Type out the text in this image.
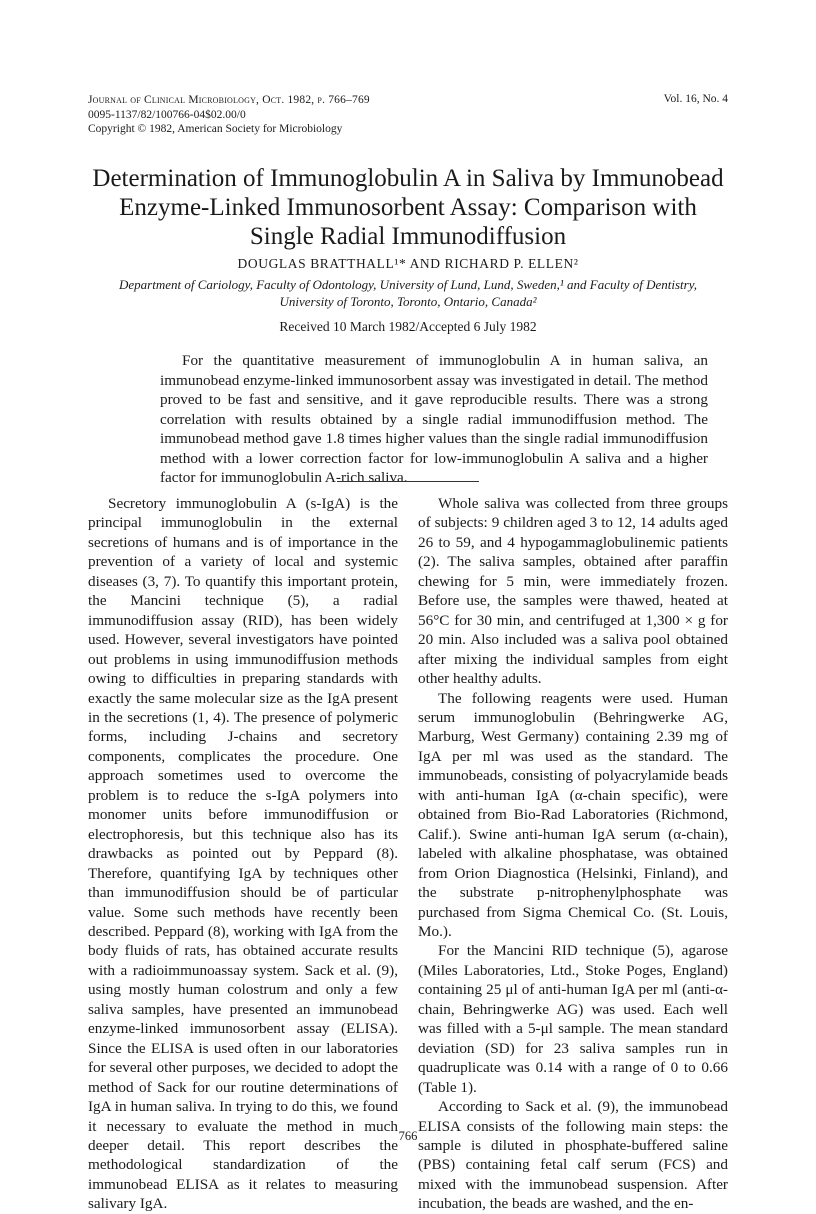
Journal of Clinical Microbiology, Oct. 1982, p. 766–769
0095-1137/82/100766-04$02.00/0
Copyright © 1982, American Society for Microbiology
Vol. 16, No. 4
Determination of Immunoglobulin A in Saliva by Immunobead
Enzyme-Linked Immunosorbent Assay: Comparison with
Single Radial Immunodiffusion
DOUGLAS BRATTHALL¹* AND RICHARD P. ELLEN²
Department of Cariology, Faculty of Odontology, University of Lund, Lund, Sweden,¹ and Faculty of Dentistry, University of Toronto, Toronto, Ontario, Canada²
Received 10 March 1982/Accepted 6 July 1982

For the quantitative measurement of immunoglobulin A in human saliva, an immunobead enzyme-linked immunosorbent assay was investigated in detail. The method proved to be fast and sensitive, and it gave reproducible results. There was a strong correlation with results obtained by a single radial immunodiffusion method. The immunobead method gave 1.8 times higher values than the single radial immunodiffusion method with a lower correction factor for low-immunoglobulin A saliva and a higher factor for immunoglobulin A-rich saliva.

Secretory immunoglobulin A (s-IgA) is the principal immunoglobulin in the external secretions of humans and is of importance in the prevention of a variety of local and systemic diseases (3, 7). To quantify this important protein, the Mancini technique (5), a radial immunodiffusion assay (RID), has been widely used. However, several investigators have pointed out problems in using immunodiffusion methods owing to difficulties in preparing standards with exactly the same molecular size as the IgA present in the secretions (1, 4). The presence of polymeric forms, including J-chains and secretory components, complicates the procedure. One approach sometimes used to overcome the problem is to reduce the s-IgA polymers into monomer units before immunodiffusion or electrophoresis, but this technique also has its drawbacks as pointed out by Peppard (8). Therefore, quantifying IgA by techniques other than immunodiffusion should be of particular value. Some such methods have recently been described. Peppard (8), working with IgA from the body fluids of rats, has obtained accurate results with a radioimmunoassay system. Sack et al. (9), using mostly human colostrum and only a few saliva samples, have presented an immunobead enzyme-linked immunosorbent assay (ELISA). Since the ELISA is used often in our laboratories for several other purposes, we decided to adopt the method of Sack for our routine determinations of IgA in human saliva. In trying to do this, we found it necessary to evaluate the method in much deeper detail. This report describes the methodological standardization of the immunobead ELISA as it relates to measuring salivary IgA.

Whole saliva was collected from three groups of subjects: 9 children aged 3 to 12, 14 adults aged 26 to 59, and 4 hypogammaglobulinemic patients (2). The saliva samples, obtained after paraffin chewing for 5 min, were immediately frozen. Before use, the samples were thawed, heated at 56°C for 30 min, and centrifuged at 1,300 × g for 20 min. Also included was a saliva pool obtained after mixing the individual samples from eight other healthy adults.

The following reagents were used. Human serum immunoglobulin (Behringwerke AG, Marburg, West Germany) containing 2.39 mg of IgA per ml was used as the standard. The immunobeads, consisting of polyacrylamide beads with anti-human IgA (α-chain specific), were obtained from Bio-Rad Laboratories (Richmond, Calif.). Swine anti-human IgA serum (α-chain), labeled with alkaline phosphatase, was obtained from Orion Diagnostica (Helsinki, Finland), and the substrate p-nitrophenylphosphate was purchased from Sigma Chemical Co. (St. Louis, Mo.).

For the Mancini RID technique (5), agarose (Miles Laboratories, Ltd., Stoke Poges, England) containing 25 μl of anti-human IgA per ml (anti-α-chain, Behringwerke AG) was used. Each well was filled with a 5-μl sample. The mean standard deviation (SD) for 23 saliva samples run in quadruplicate was 0.14 with a range of 0 to 0.66 (Table 1).

According to Sack et al. (9), the immunobead ELISA consists of the following main steps: the sample is diluted in phosphate-buffered saline (PBS) containing fetal calf serum (FCS) and mixed with the immunobead suspension. After incubation, the beads are washed, and the en-

766
